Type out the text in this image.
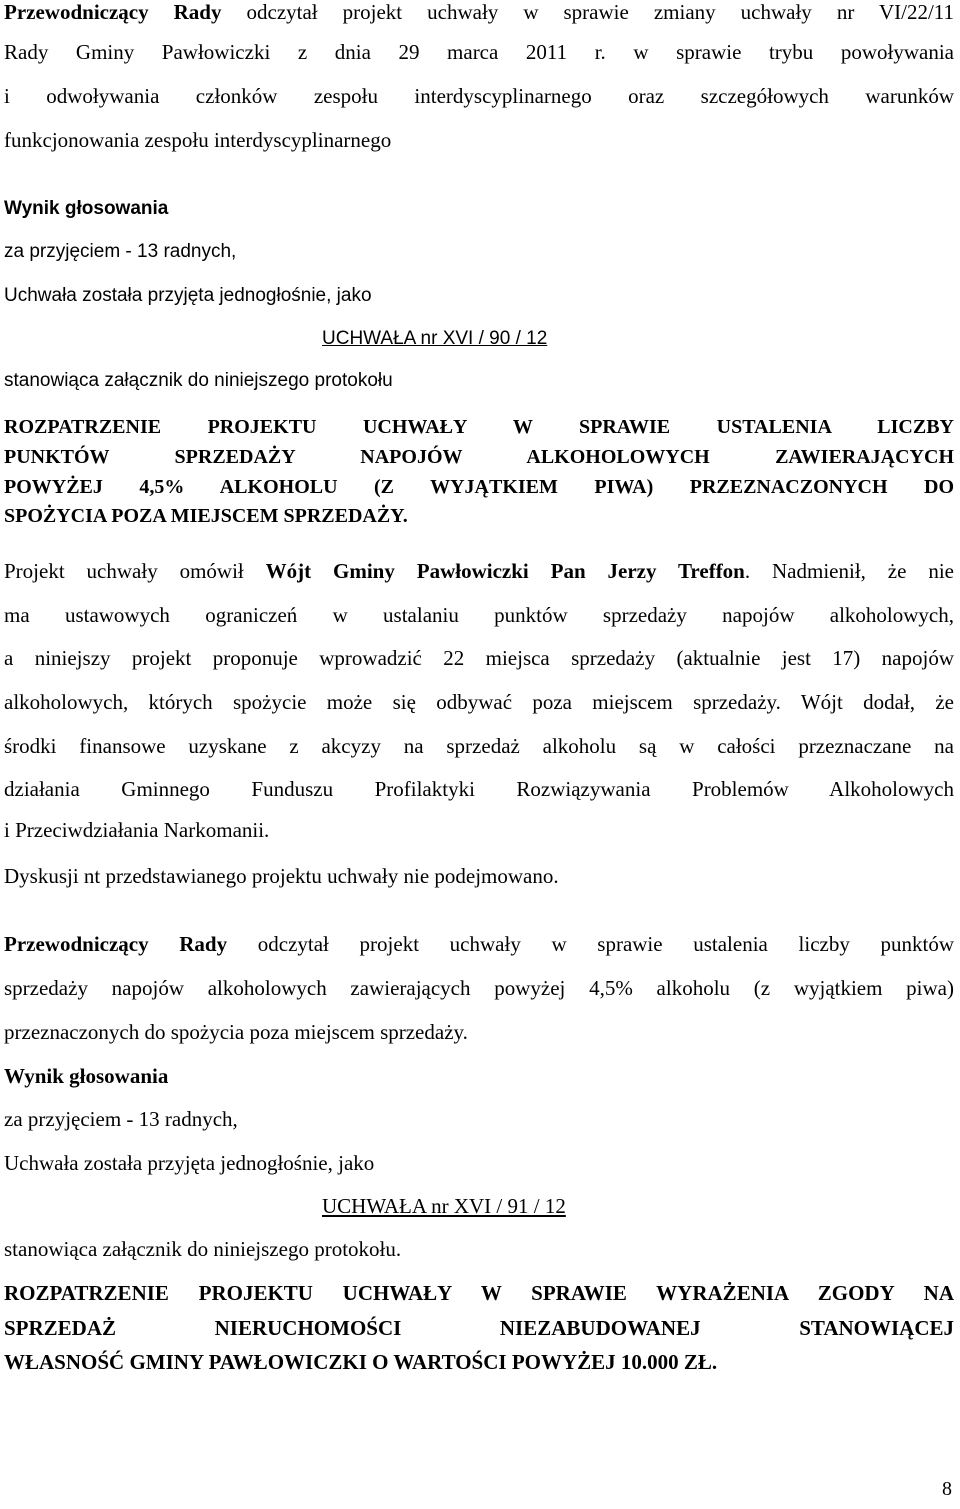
Przewodniczący Rady odczytał projekt uchwały w sprawie zmiany uchwały nr VI/22/11
Rady Gminy Pawłowiczki z dnia 29 marca 2011 r. w sprawie trybu powoływania
i odwoływania członków zespołu interdyscyplinarnego oraz szczegółowych warunków
funkcjonowania zespołu interdyscyplinarnego
Wynik głosowania
za przyjęciem - 13 radnych,
Uchwała została przyjęta jednogłośnie, jako
UCHWAŁA nr XVI / 90 / 12
stanowiąca załącznik do niniejszego protokołu
ROZPATRZENIE PROJEKTU UCHWAŁY W SPRAWIE USTALENIA LICZBY
PUNKTÓW SPRZEDAŻY NAPOJÓW ALKOHOLOWYCH ZAWIERAJĄCYCH
POWYŻEJ 4,5% ALKOHOLU (Z WYJĄTKIEM PIWA) PRZEZNACZONYCH DO
SPOŻYCIA POZA MIEJSCEM SPRZEDAŻY.
Projekt uchwały omówił Wójt Gminy Pawłowiczki Pan Jerzy Treffon. Nadmienił, że nie
ma ustawowych ograniczeń w ustalaniu punktów sprzedaży napojów alkoholowych,
a niniejszy projekt proponuje wprowadzić 22 miejsca sprzedaży (aktualnie jest 17) napojów
alkoholowych, których spożycie może się odbywać poza miejscem sprzedaży. Wójt dodał, że
środki finansowe uzyskane z akcyzy na sprzedaż alkoholu są w całości przeznaczane na
działania Gminnego Funduszu Profilaktyki Rozwiązywania Problemów Alkoholowych
i Przeciwdziałania Narkomanii.
Dyskusji nt przedstawianego projektu uchwały nie podejmowano.
Przewodniczący Rady odczytał projekt uchwały w sprawie ustalenia liczby punktów
sprzedaży napojów alkoholowych zawierających powyżej 4,5% alkoholu (z wyjątkiem piwa)
przeznaczonych do spożycia poza miejscem sprzedaży.
Wynik głosowania
za przyjęciem - 13 radnych,
Uchwała została przyjęta jednogłośnie, jako
UCHWAŁA nr XVI / 91 / 12
stanowiąca załącznik do niniejszego protokołu.
ROZPATRZENIE PROJEKTU UCHWAŁY W SPRAWIE WYRAŻENIA ZGODY NA
SPRZEDAŻ NIERUCHOMOŚCI NIEZABUDOWANEJ STANOWIĄCEJ
WŁASNOŚĆ GMINY PAWŁOWICZKI O WARTOŚCI POWYŻEJ 10.000 ZŁ.
8
